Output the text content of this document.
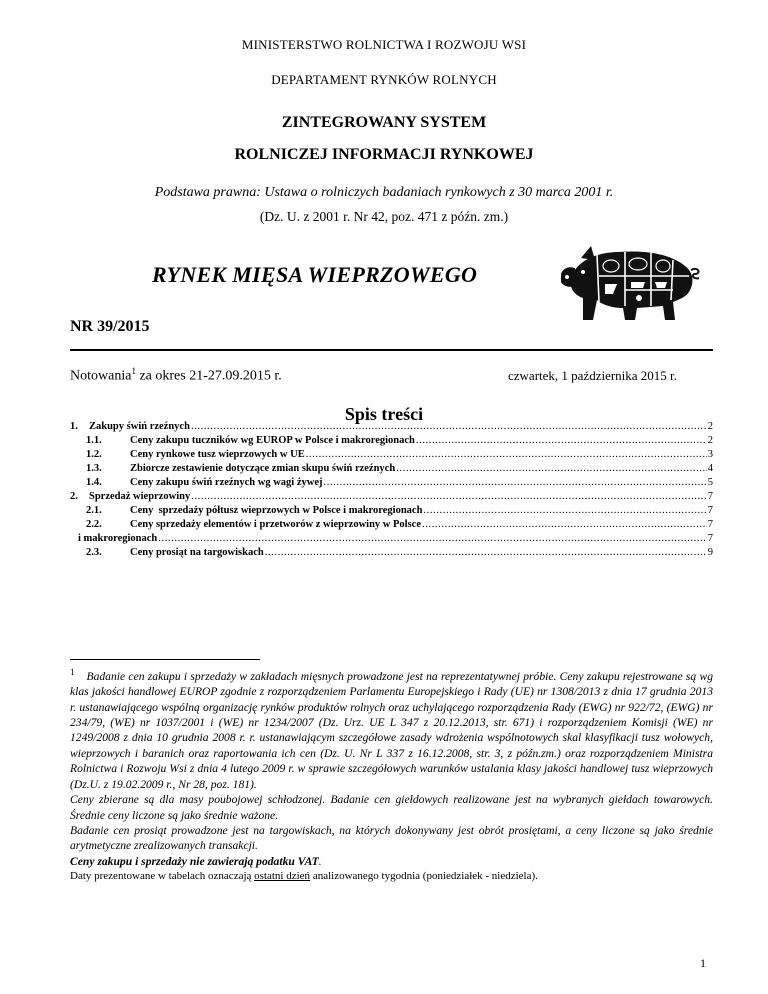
MINISTERSTWO ROLNICTWA I ROZWOJU WSI
DEPARTAMENT RYNKÓW ROLNYCH
ZINTEGROWANY SYSTEM
ROLNICZEJ INFORMACJI RYNKOWEJ
Podstawa prawna: Ustawa o rolniczych badaniach rynkowych z 30 marca 2001 r.
(Dz. U. z 2001 r. Nr 42, poz. 471 z późn. zm.)
RYNEK MIĘSA WIEPRZOWEGO
NR 39/2015
Notowania$^1$ za okres 21-27.09.2015 r.	czwartek, 1 października 2015 r.
Spis treści
1.	Zakupy świń rzeźnych .....	2
1.1.	Ceny zakupu tuczników wg EUROP w Polsce i makroregionach .....	2
1.2.	Ceny rynkowe tusz wieprzowych w UE .....	3
1.3.	Zbiorcze zestawienie dotyczące zmian skupu świń rzeźnych .....	4
1.4.	Ceny zakupu świń rzeźnych wg wagi żywej .....	5
2.	Sprzedaż wieprzowiny .....	7
2.1.	Ceny  sprzedaży półtusz wieprzowych w Polsce i makroregionach .....	7
2.2.	Ceny sprzedaży elementów i przetworów z wieprzowiny w Polsce .....	7
i makroregionach .....	7
2.3.	Ceny prosiąt na targowiskach .....	9
$^1$ Badanie cen zakupu i sprzedaży w zakładach mięsnych prowadzone jest na reprezentatywnej próbie. Ceny zakupu rejestrowane są wg klas jakości handlowej EUROP zgodnie z rozporządzeniem Parlamentu Europejskiego i Rady (UE) nr 1308/2013 z dnia 17 grudnia 2013 r. ustanawiającego wspólną organizację rynków produktów rolnych oraz uchylającego rozporządzenia Rady (EWG) nr 922/72, (EWG) nr 234/79, (WE) nr 1037/2001 i (WE) nr 1234/2007 (Dz. Urz. UE L 347 z 20.12.2013, str. 671) i rozporządzeniem Komisji (WE) nr 1249/2008 z dnia 10 grudnia 2008 r. r. ustanawiającym szczegółowe zasady wdrożenia wspólnotowych skal klasyfikacji tusz wołowych, wieprzowych i baranich oraz raportowania ich cen (Dz. U. Nr L 337 z 16.12.2008, str. 3, z późn.zm.) oraz rozporządzeniem Ministra Rolnictwa i Rozwoju Wsi z dnia 4 lutego 2009 r. w sprawie szczegółowych warunków ustalania klasy jakości handlowej tusz wieprzowych (Dz.U. z 19.02.2009 r., Nr 28, poz. 181).
Ceny zbierane są dla masy poubojowej schłodzonej. Badanie cen giełdowych realizowane jest na wybranych giełdach towarowych. Średnie ceny liczone są jako średnie ważone.
Badanie cen prosiąt prowadzone jest na targowiskach, na których dokonywany jest obrót prosiętami, a ceny liczone są jako średnie arytmetyczne zrealizowanych transakcji.
Ceny zakupu i sprzedaży nie zawierają podatku VAT.
Daty prezentowane w tabelach oznaczają ostatni dzień analizowanego tygodnia (poniedziałek - niedziela).
1
